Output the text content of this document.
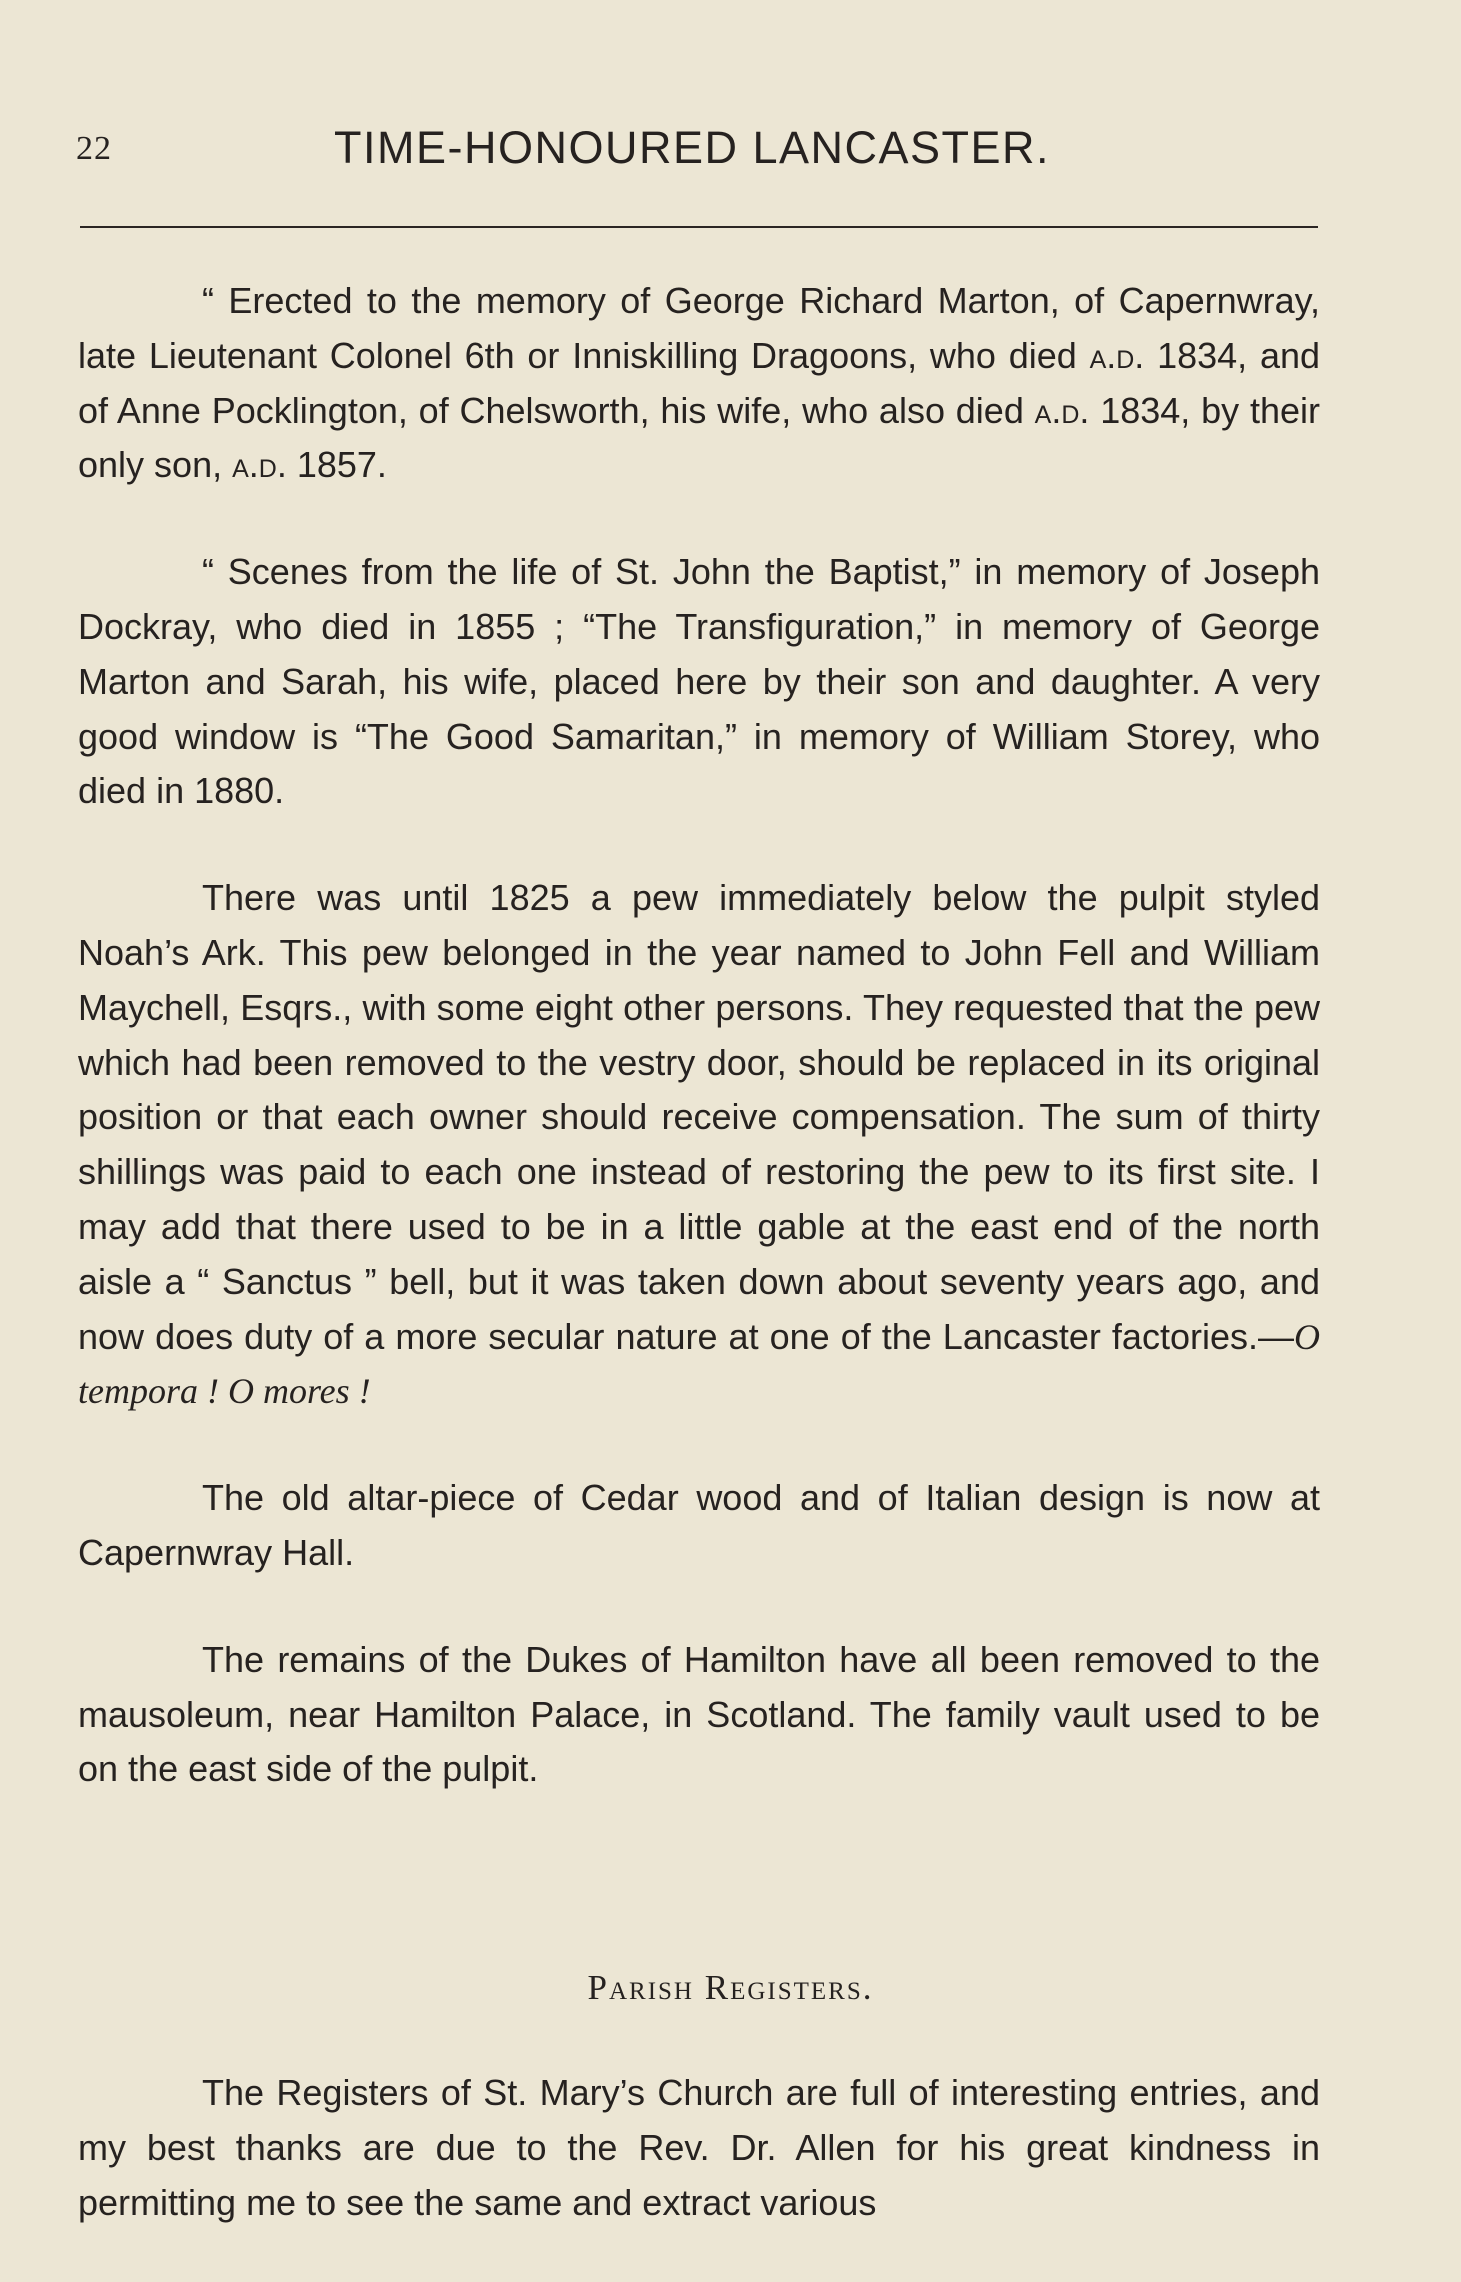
22	TIME-HONOURED LANCASTER.

“ Erected to the memory of George Richard Marton, of Capernwray, late Lieutenant Colonel 6th or Inniskilling Dragoons, who died a.d. 1834, and of Anne Pocklington, of Chelsworth, his wife, who also died a.d. 1834, by their only son, a.d. 1857.

“ Scenes from the life of St. John the Baptist,” in memory of Joseph Dockray, who died in 1855 ; “The Transfiguration,” in memory of George Marton and Sarah, his wife, placed here by their son and daughter. A very good window is “The Good Samaritan,” in memory of William Storey, who died in 1880.

There was until 1825 a pew immediately below the pulpit styled Noah’s Ark. This pew belonged in the year named to John Fell and William Maychell, Esqrs., with some eight other persons. They requested that the pew which had been removed to the vestry door, should be replaced in its original position or that each owner should receive compensation. The sum of thirty shillings was paid to each one instead of restoring the pew to its first site. I may add that there used to be in a little gable at the east end of the north aisle a “ Sanctus ” bell, but it was taken down about seventy years ago, and now does duty of a more secular nature at one of the Lancaster factories.—O tempora ! O mores !

The old altar-piece of Cedar wood and of Italian design is now at Capernwray Hall.

The remains of the Dukes of Hamilton have all been removed to the mausoleum, near Hamilton Palace, in Scotland. The family vault used to be on the east side of the pulpit.

Parish Registers.

The Registers of St. Mary’s Church are full of interesting entries, and my best thanks are due to the Rev. Dr. Allen for his great kindness in permitting me to see the same and extract various
